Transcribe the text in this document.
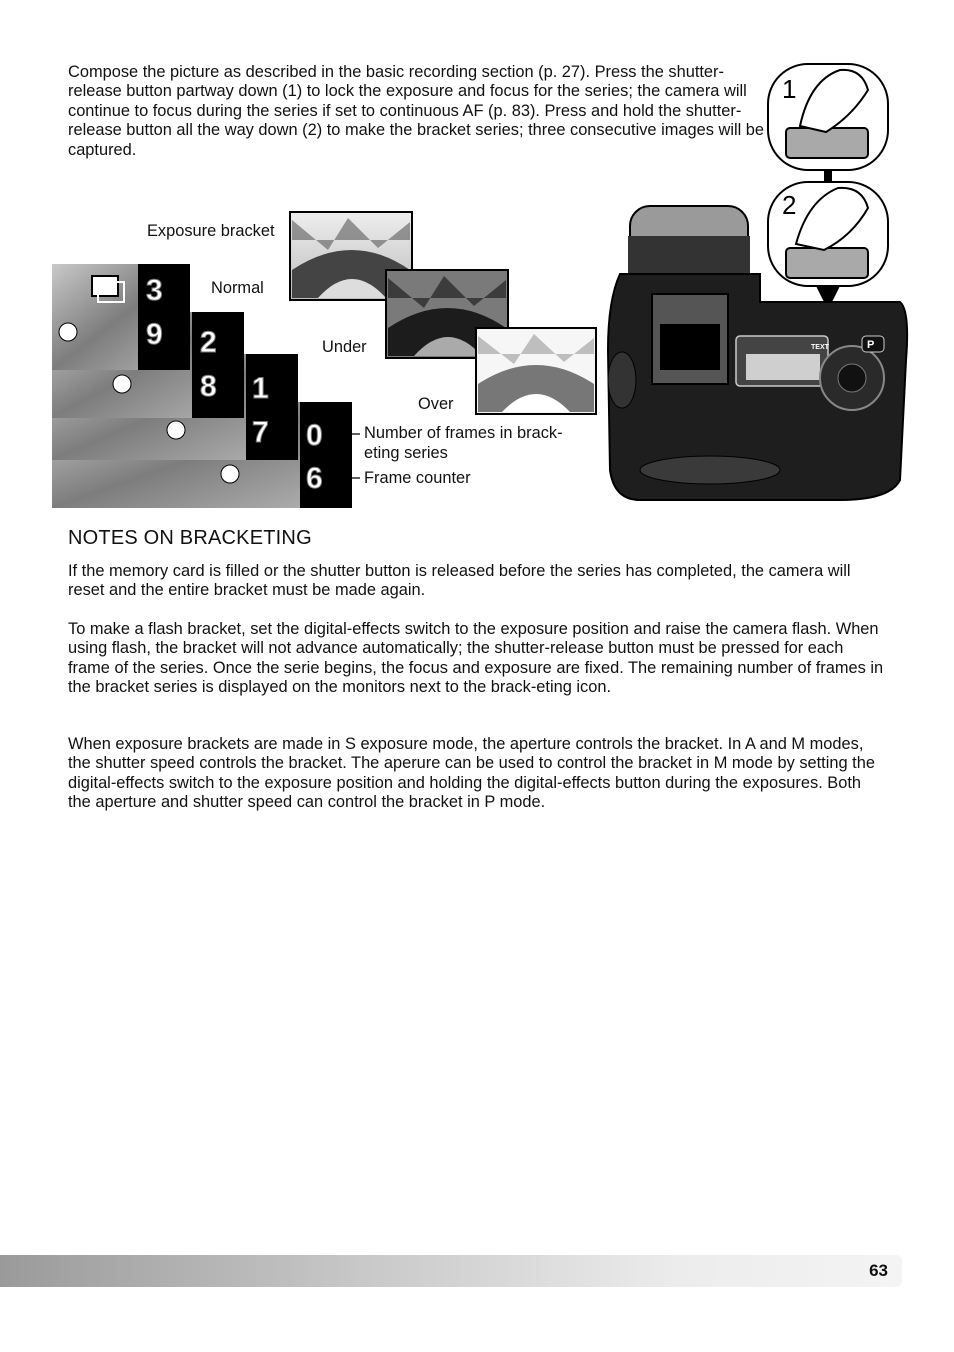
Compose the picture as described in the basic recording section (p. 27). Press the shutter-release button partway down (1) to lock the exposure and focus for the series; the camera will continue to focus during the series if set to continuous AF (p. 83). Press and hold the shutter-release button all the way down (2) to make the bracket series; three consecutive images will be captured.

0
6
1
7
2
8
3
9
1
2
TEXT	P
Exposure bracket
Normal
Under
Over
Number of frames in brack-eting series
Frame counter
NOTES ON BRACKETING

If the memory card is filled or the shutter button is released before the series has completed, the camera will reset and the entire bracket must be made again.

To make a flash bracket, set the digital-effects switch to the exposure position and raise the camera flash. When using flash, the bracket will not advance automatically; the shutter-release button must be pressed for each frame of the series. Once the serie begins, the focus and exposure are fixed. The remaining number of frames in the bracket series is displayed on the monitors next to the brack-eting icon.

When exposure brackets are made in S exposure mode, the aperture controls the bracket. In A and M modes, the shutter speed controls the bracket. The aperure can be used to control the bracket in M mode by setting the digital-effects switch to the exposure position and holding the digital-effects button during the exposures. Both the aperture and shutter speed can control the bracket in P mode.

63
